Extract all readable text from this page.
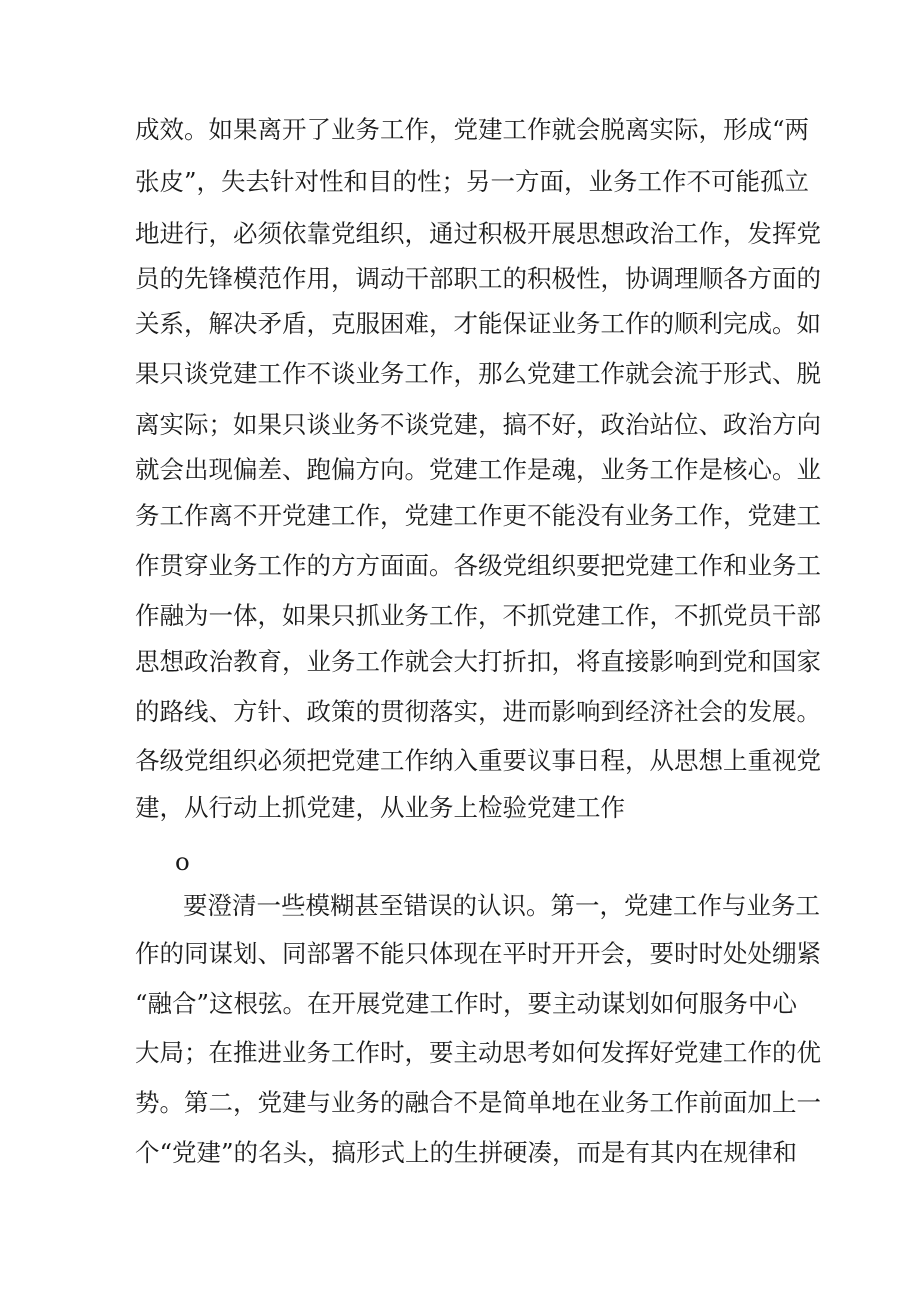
成效。如果离开了业务工作，党建工作就会脱离实际，形成“两
张皮”，失去针对性和目的性；另一方面，业务工作不可能孤立
地进行，必须依靠党组织，通过积极开展思想政治工作，发挥党
员的先锋模范作用，调动干部职工的积极性，协调理顺各方面的
关系，解决矛盾，克服困难，才能保证业务工作的顺利完成。如
果只谈党建工作不谈业务工作，那么党建工作就会流于形式、脱
离实际；如果只谈业务不谈党建，搞不好，政治站位、政治方向
就会出现偏差、跑偏方向。党建工作是魂，业务工作是核心。业
务工作离不开党建工作，党建工作更不能没有业务工作，党建工
作贯穿业务工作的方方面面。各级党组织要把党建工作和业务工
作融为一体，如果只抓业务工作，不抓党建工作，不抓党员干部
思想政治教育，业务工作就会大打折扣，将直接影响到党和国家
的路线、方针、政策的贯彻落实，进而影响到经济社会的发展。
各级党组织必须把党建工作纳入重要议事日程，从思想上重视党
建，从行动上抓党建，从业务上检验党建工作
o
要澄清一些模糊甚至错误的认识。第一，党建工作与业务工
作的同谋划、同部署不能只体现在平时开开会，要时时处处绷紧
“融合”这根弦。在开展党建工作时，要主动谋划如何服务中心
大局；在推进业务工作时，要主动思考如何发挥好党建工作的优
势。第二，党建与业务的融合不是简单地在业务工作前面加上一
个“党建”的名头，搞形式上的生拼硬凑，而是有其内在规律和
